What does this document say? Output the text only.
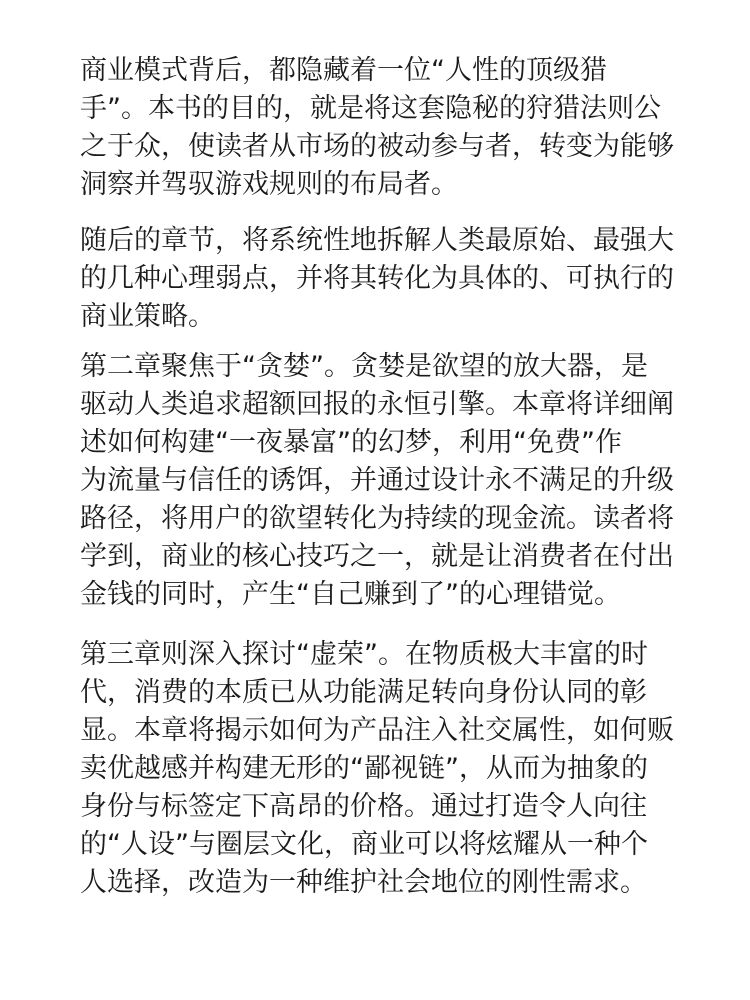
商业模式背后，都隐藏着一位“人性的顶级猎
手”。本书的目的，就是将这套隐秘的狩猎法则公
之于众，使读者从市场的被动参与者，转变为能够
洞察并驾驭游戏规则的布局者。
随后的章节，将系统性地拆解人类最原始、最强大
的几种心理弱点，并将其转化为具体的、可执行的
商业策略。
第二章聚焦于“贪婪”。贪婪是欲望的放大器，是
驱动人类追求超额回报的永恒引擎。本章将详细阐
述如何构建“一夜暴富”的幻梦，利用“免费”作
为流量与信任的诱饵，并通过设计永不满足的升级
路径，将用户的欲望转化为持续的现金流。读者将
学到，商业的核心技巧之一，就是让消费者在付出
金钱的同时，产生“自己赚到了”的心理错觉。
第三章则深入探讨“虚荣”。在物质极大丰富的时
代，消费的本质已从功能满足转向身份认同的彰
显。本章将揭示如何为产品注入社交属性，如何贩
卖优越感并构建无形的“鄙视链”，从而为抽象的
身份与标签定下高昂的价格。通过打造令人向往
的“人设”与圈层文化，商业可以将炫耀从一种个
人选择，改造为一种维护社会地位的刚性需求。
